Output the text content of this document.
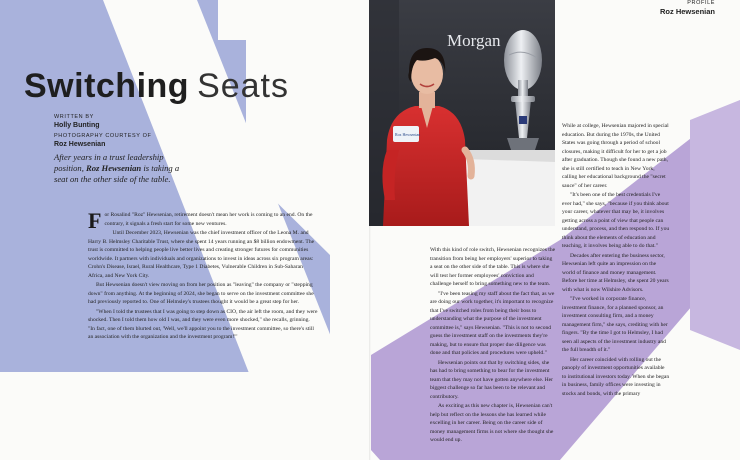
PROFILE
Roz Hewsenian
Switching Seats
WRITTEN BY
Holly Bunting
PHOTOGRAPHY COURTESY OF
Roz Hewsenian

After years in a trust leadership position, Roz Hewsenian is taking a seat on the other side of the table.

For Rosalind "Roz" Hewsenian, retirement doesn't mean her work is coming to an end. On the contrary, it signals a fresh start for some new ventures.

Until December 2023, Hewsenian was the chief investment officer of the Leona M. and Harry B. Helmsley Charitable Trust, where she spent 14 years running an $8 billion endowment. The trust is committed to helping people live better lives and creating stronger futures for communities worldwide. It partners with individuals and organizations to invest in ideas across six program areas: Crohn's Disease, Israel, Rural Healthcare, Type 1 Diabetes, Vulnerable Children in Sub-Saharan Africa, and New York City.

But Hewsenian doesn't view moving on from her position as "leaving" the company or "stepping down" from anything. At the beginning of 2024, she began to serve on the investment committee she had previously reported to. One of Helmsley's trustees thought it would be a great step for her.

"When I told the trustees that I was going to step down as CIO, the air left the room, and they were shocked. Then I told them how old I was, and they were even more shocked," she recalls, grinning. "In fact, one of them blurted out, 'Well, we'll appoint you to the investment committee, so there's still an association with the organization and the investment program!'"

Morgan
Roz Hewsenian

With this kind of role switch, Hewsenian recognizes the transition from being her employers' superior to taking a seat on the other side of the table. This is where she will test her former employees' conviction and challenge herself to bring something new to the team.

"I've been teasing my staff about the fact that, as we are doing our work together, it's important to recognize that I've switched roles from being their boss to understanding what the purpose of the investment committee is," says Hewsenian. "This is not to second guess the investment staff on the investments they're making, but to ensure that proper due diligence was done and that policies and procedures were upheld."

Hewsenian points out that by switching sides, she has had to bring something to bear for the investment team that they may not have gotten anywhere else. Her biggest challenge so far has been to be relevant and contributory.

As exciting as this new chapter is, Hewsenian can't help but reflect on the lessons she has learned while excelling in her career. Being on the career side of money management firms is not where she thought she would end up.

While at college, Hewsenian majored in special education. But during the 1970s, the United States was going through a period of school closures, making it difficult for her to get a job after graduation. Though she found a new path, she is still certified to teach in New York, calling her educational background the "secret sauce" of her career.

"It's been one of the best credentials I've ever had," she says, "because if you think about your career, whatever that may be, it involves getting across a point of view that people can understand, process, and then respond to. If you think about the elements of education and teaching, it involves being able to do that."

Decades after entering the business sector, Hewsenian left quite an impression on the world of finance and money management. Before her time at Helmsley, she spent 20 years with what is now Wilshire Advisors.

"I've worked in corporate finance, investment finance, for a planned sponsor, an investment consulting firm, and a money management firm," she says, crediting with her fingers. "By the time I got to Helmsley, I had seen all aspects of the investment industry and the full breadth of it."

Her career coincided with rolling out the panoply of investment opportunities available to institutional investors today. When she began in business, family offices were investing in stocks and bonds, with the primary
